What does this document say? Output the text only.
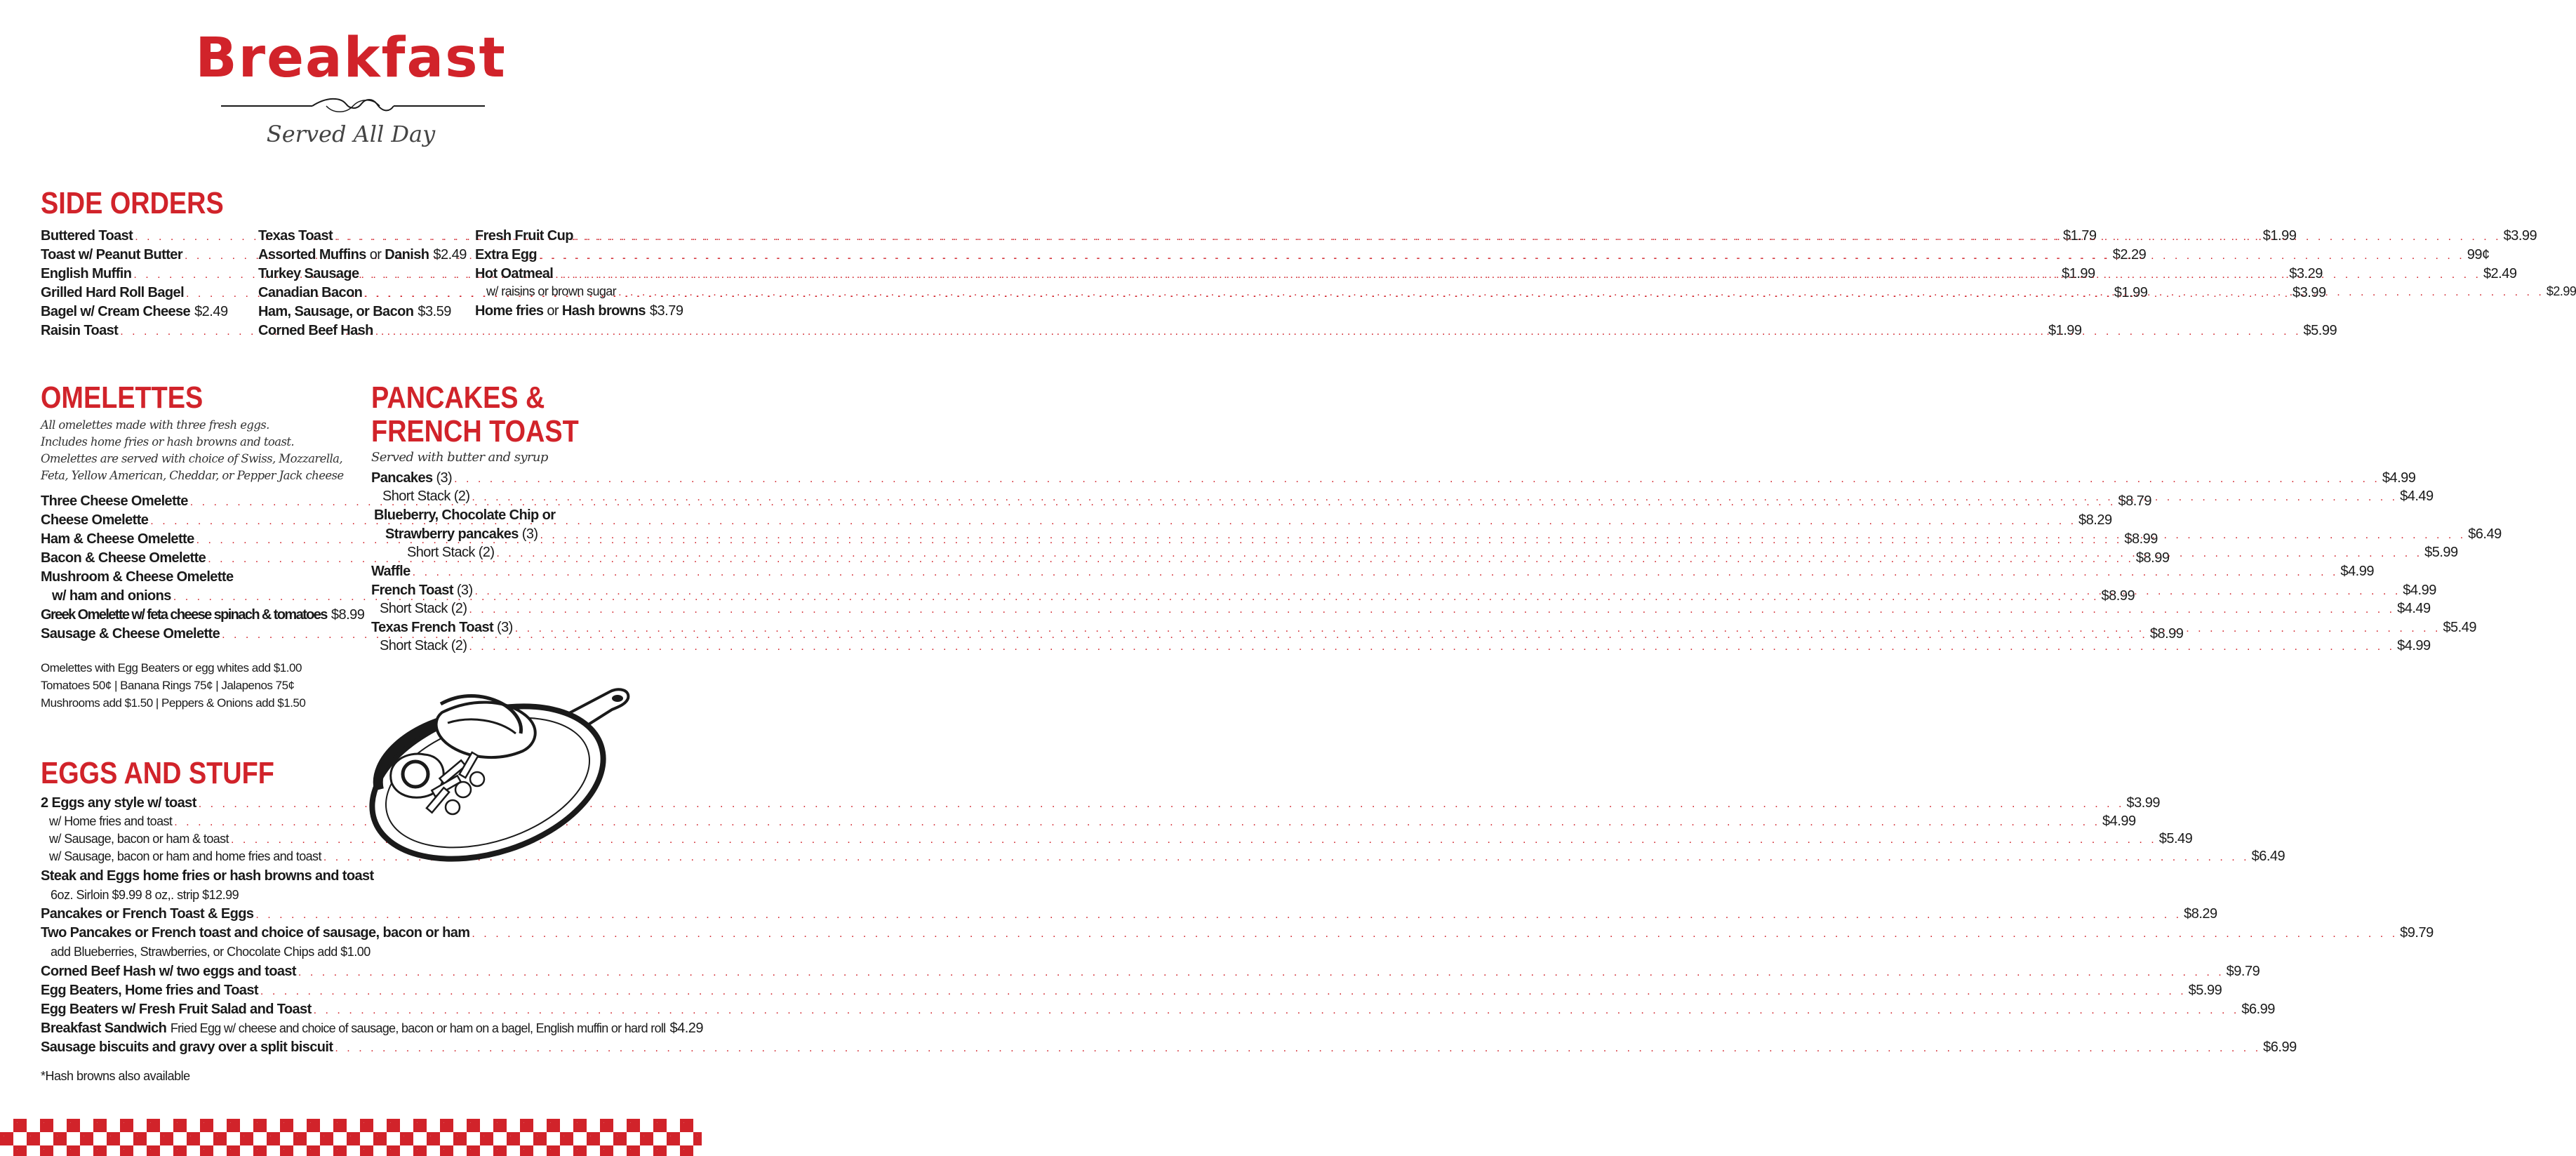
Breakfast
Served All Day
SIDE ORDERS
Buttered Toast . . .	$1.79
Toast w/ Peanut Butter . . .	$2.29
English Muffin . . .	$1.99
Grilled Hard Roll Bagel . . .	$1.99
Bagel w/ Cream Cheese $2.49
Raisin Toast . . .	$1.99
Texas Toast . . .	$1.99
Assorted Muffins or Danish $2.49
Turkey Sausage . . .	$3.29
Canadian Bacon . . .	$3.99
Ham, Sausage, or Bacon $3.59
Corned Beef Hash . . .	$5.99
Fresh Fruit Cup . . .	$3.99
Extra Egg . . .	99¢
Hot Oatmeal . . .	$2.49
w/ raisins or brown sugar . . .	$2.99
Home fries or Hash browns $3.79
OMELETTES
All omelettes made with three fresh eggs.
Includes home fries or hash browns and toast.
Omelettes are served with choice of Swiss, Mozzarella,
Feta, Yellow American, Cheddar, or Pepper Jack cheese
Three Cheese Omelette . . .	$8.79
Cheese Omelette . . .	$8.29
Ham & Cheese Omelette . . .	$8.99
Bacon & Cheese Omelette . . .	$8.99
Mushroom & Cheese Omelette
w/ ham and onions . . .	$8.99
Greek Omelette w/ feta cheese spinach & tomatoes $8.99
Sausage & Cheese Omelette . . .	$8.99
Omelettes with Egg Beaters or egg whites add $1.00
Tomatoes 50¢ | Banana Rings 75¢ | Jalapenos 75¢
Mushrooms add $1.50 | Peppers & Onions add $1.50
PANCAKES &
FRENCH TOAST
Served with butter and syrup
Pancakes (3) . . .	$4.99
Short Stack (2) . . .	$4.49
Blueberry, Chocolate Chip or
Strawberry pancakes (3) . . .	$6.49
Short Stack (2) . . .	$5.99
Waffle . . .	$4.99
French Toast (3) . . .	$4.99
Short Stack (2) . . .	$4.49
Texas French Toast (3) . . .	$5.49
Short Stack (2) . . .	$4.99
EGGS AND STUFF
2 Eggs any style w/ toast . . .	$3.99
w/ Home fries and toast . . .	$4.99
w/ Sausage, bacon or ham & toast . . .	$5.49
w/ Sausage, bacon or ham and home fries and toast . . .	$6.49
Steak and Eggs home fries or hash browns and toast
6oz. Sirloin $9.99 8 oz,. strip $12.99
Pancakes or French Toast & Eggs . . .	$8.29
Two Pancakes or French toast and choice of sausage, bacon or ham . . .	$9.79
add Blueberries, Strawberries, or Chocolate Chips add $1.00
Corned Beef Hash w/ two eggs and toast . . .	$9.79
Egg Beaters, Home fries and Toast . . .	$5.99
Egg Beaters w/ Fresh Fruit Salad and Toast . . .	$6.99
Breakfast Sandwich
Fried Egg w/ cheese and choice of sausage, bacon or ham on a bagel, English muffin or hard roll $4.29
Sausage biscuits and gravy over a split biscuit . . .	$6.99
*Hash browns also available
